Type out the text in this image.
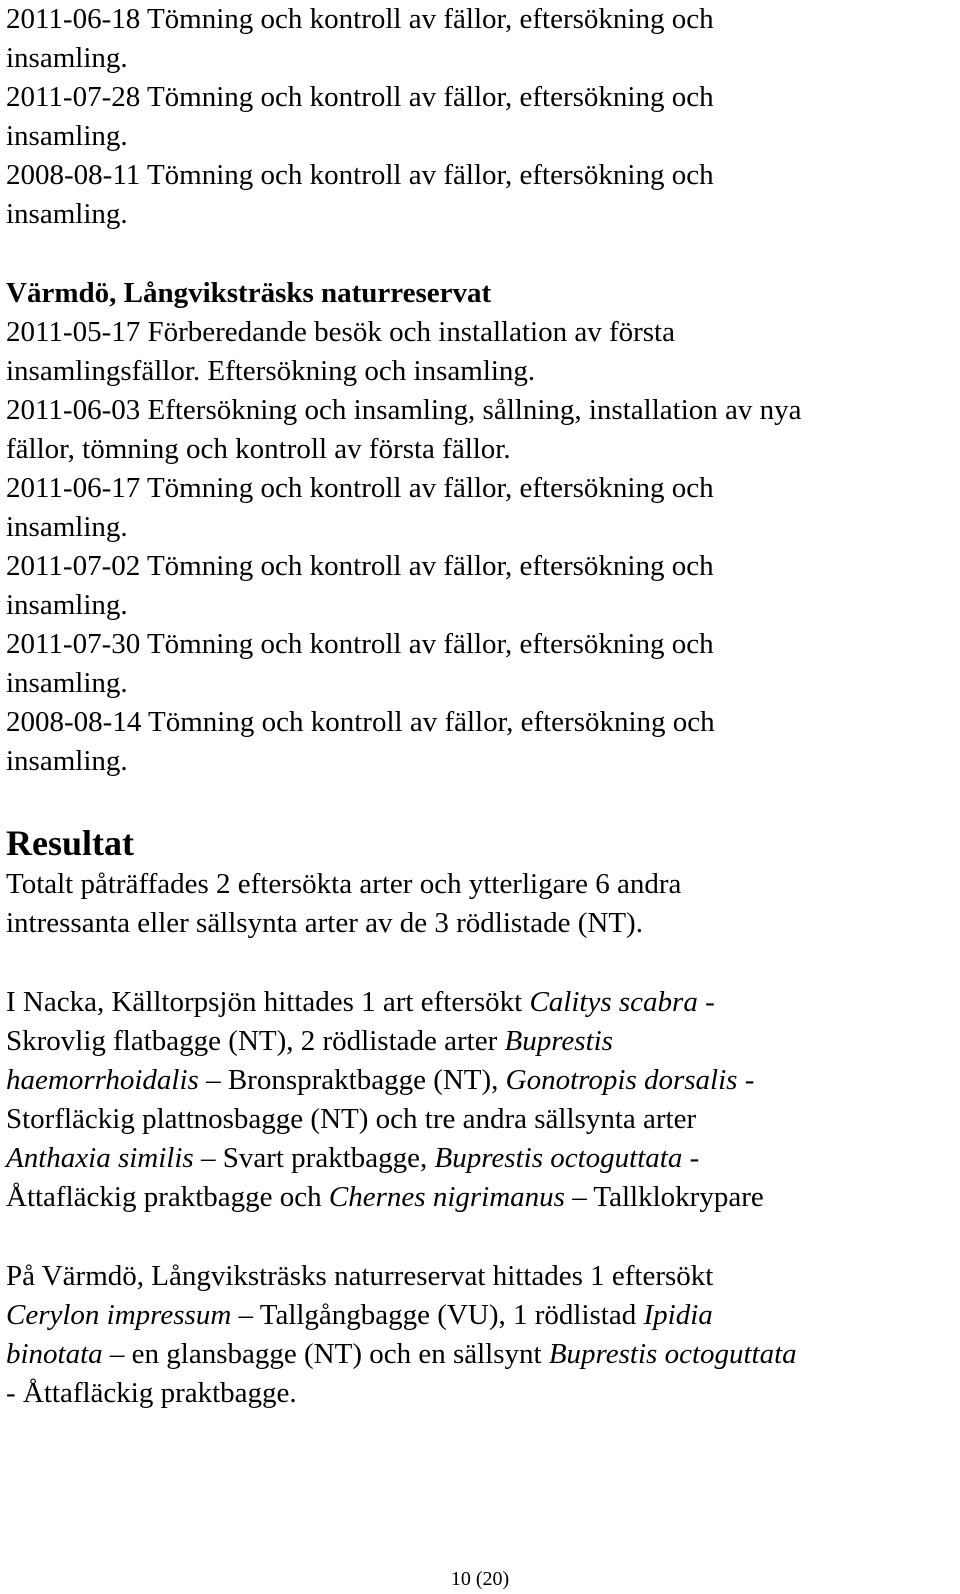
2011-06-18 Tömning och kontroll av fällor, eftersökning och
insamling.
2011-07-28 Tömning och kontroll av fällor, eftersökning och
insamling.
2008-08-11 Tömning och kontroll av fällor, eftersökning och
insamling.
Värmdö, Långviksträsks naturreservat
2011-05-17 Förberedande besök och installation av första
insamlingsfällor. Eftersökning och insamling.
2011-06-03 Eftersökning och insamling, sållning, installation av nya
fällor, tömning och kontroll av första fällor.
2011-06-17 Tömning och kontroll av fällor, eftersökning och
insamling.
2011-07-02 Tömning och kontroll av fällor, eftersökning och
insamling.
2011-07-30 Tömning och kontroll av fällor, eftersökning och
insamling.
2008-08-14 Tömning och kontroll av fällor, eftersökning och
insamling.
Resultat
Totalt påträffades 2 eftersökta arter och ytterligare 6 andra
intressanta eller sällsynta arter av de 3 rödlistade (NT).
I Nacka, Källtorpsjön hittades 1 art eftersökt Calitys scabra -
Skrovlig flatbagge (NT), 2 rödlistade arter Buprestis
haemorrhoidalis – Bronspraktbagge (NT), Gonotropis dorsalis -
Storfläckig plattnosbagge (NT) och tre andra sällsynta arter
Anthaxia similis – Svart praktbagge, Buprestis octoguttata -
Åttafläckig praktbagge och Chernes nigrimanus – Tallklokrypare
På Värmdö, Långviksträsks naturreservat hittades 1 eftersökt
Cerylon impressum – Tallgångbagge (VU), 1 rödlistad Ipidia
binotata – en glansbagge (NT) och en sällsynt Buprestis octoguttata
- Åttafläckig praktbagge.
10 (20)
